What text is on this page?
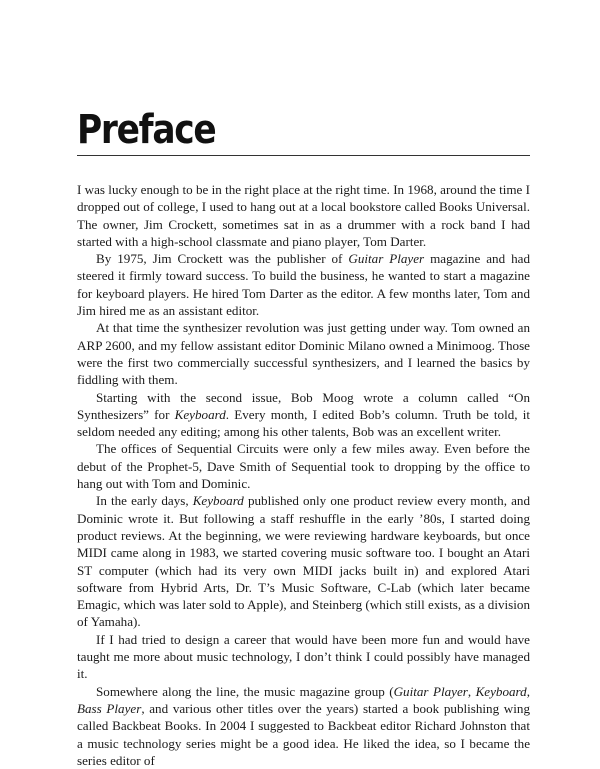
Preface

I was lucky enough to be in the right place at the right time. In 1968, around the time I dropped out of college, I used to hang out at a local bookstore called Books Universal. The owner, Jim Crockett, sometimes sat in as a drummer with a rock band I had started with a high-school classmate and piano player, Tom Darter.

By 1975, Jim Crockett was the publisher of Guitar Player magazine and had steered it firmly toward success. To build the business, he wanted to start a magazine for keyboard players. He hired Tom Darter as the editor. A few months later, Tom and Jim hired me as an assistant editor.

At that time the synthesizer revolution was just getting under way. Tom owned an ARP 2600, and my fellow assistant editor Dominic Milano owned a Minimoog. Those were the first two commercially successful synthesizers, and I learned the basics by fiddling with them.

Starting with the second issue, Bob Moog wrote a column called “On Synthesizers” for Keyboard. Every month, I edited Bob’s column. Truth be told, it seldom needed any editing; among his other talents, Bob was an excellent writer.

The offices of Sequential Circuits were only a few miles away. Even before the debut of the Prophet-5, Dave Smith of Sequential took to dropping by the office to hang out with Tom and Dominic.

In the early days, Keyboard published only one product review every month, and Dominic wrote it. But following a staff reshuffle in the early ’80s, I started doing product reviews. At the beginning, we were reviewing hardware keyboards, but once MIDI came along in 1983, we started covering music software too. I bought an Atari ST computer (which had its very own MIDI jacks built in) and explored Atari software from Hybrid Arts, Dr. T’s Music Software, C-Lab (which later became Emagic, which was later sold to Apple), and Steinberg (which still exists, as a division of Yamaha).

If I had tried to design a career that would have been more fun and would have taught me more about music technology, I don’t think I could possibly have managed it.

Somewhere along the line, the music magazine group (Guitar Player, Keyboard, Bass Player, and various other titles over the years) started a book publishing wing called Backbeat Books. In 2004 I suggested to Backbeat editor Richard Johnston that a music technology series might be a good idea. He liked the idea, so I became the series editor of
